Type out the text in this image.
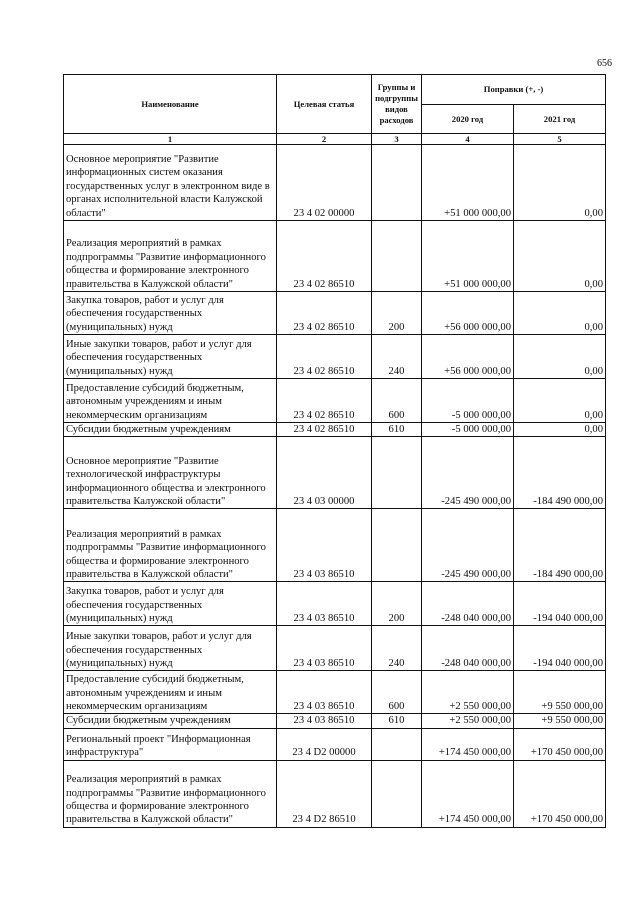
656
Наименование	Целевая статья	Группы и подгруппы видов расходов	Поправки (+, -)	
			2020 год	2021 год
1	2	3	4	5
Основное мероприятие "Развитие информационных систем оказания государственных услуг в электронном виде в органах исполнительной власти Калужской области"	23 4 02 00000		+51 000 000,00	0,00
Реализация мероприятий в рамках подпрограммы "Развитие информационного общества и формирование электронного правительства в Калужской области"	23 4 02 86510		+51 000 000,00	0,00
Закупка товаров, работ и услуг для обеспечения государственных (муниципальных) нужд	23 4 02 86510	200	+56 000 000,00	0,00
Иные закупки товаров, работ и услуг для обеспечения государственных (муниципальных) нужд	23 4 02 86510	240	+56 000 000,00	0,00
Предоставление субсидий бюджетным, автономным учреждениям и иным некоммерческим организациям	23 4 02 86510	600	-5 000 000,00	0,00
Субсидии бюджетным учреждениям	23 4 02 86510	610	-5 000 000,00	0,00
Основное мероприятие "Развитие технологической инфраструктуры информационного общества и электронного правительства Калужской области"	23 4 03 00000		-245 490 000,00	-184 490 000,00
Реализация мероприятий в рамках подпрограммы "Развитие информационного общества и формирование электронного правительства в Калужской области"	23 4 03 86510		-245 490 000,00	-184 490 000,00
Закупка товаров, работ и услуг для обеспечения государственных (муниципальных) нужд	23 4 03 86510	200	-248 040 000,00	-194 040 000,00
Иные закупки товаров, работ и услуг для обеспечения государственных (муниципальных) нужд	23 4 03 86510	240	-248 040 000,00	-194 040 000,00
Предоставление субсидий бюджетным, автономным учреждениям и иным некоммерческим организациям	23 4 03 86510	600	+2 550 000,00	+9 550 000,00
Субсидии бюджетным учреждениям	23 4 03 86510	610	+2 550 000,00	+9 550 000,00
Региональный проект "Информационная инфраструктура"	23 4 D2 00000		+174 450 000,00	+170 450 000,00
Реализация мероприятий в рамках подпрограммы "Развитие информационного общества и формирование электронного правительства в Калужской области"	23 4 D2 86510		+174 450 000,00	+170 450 000,00
